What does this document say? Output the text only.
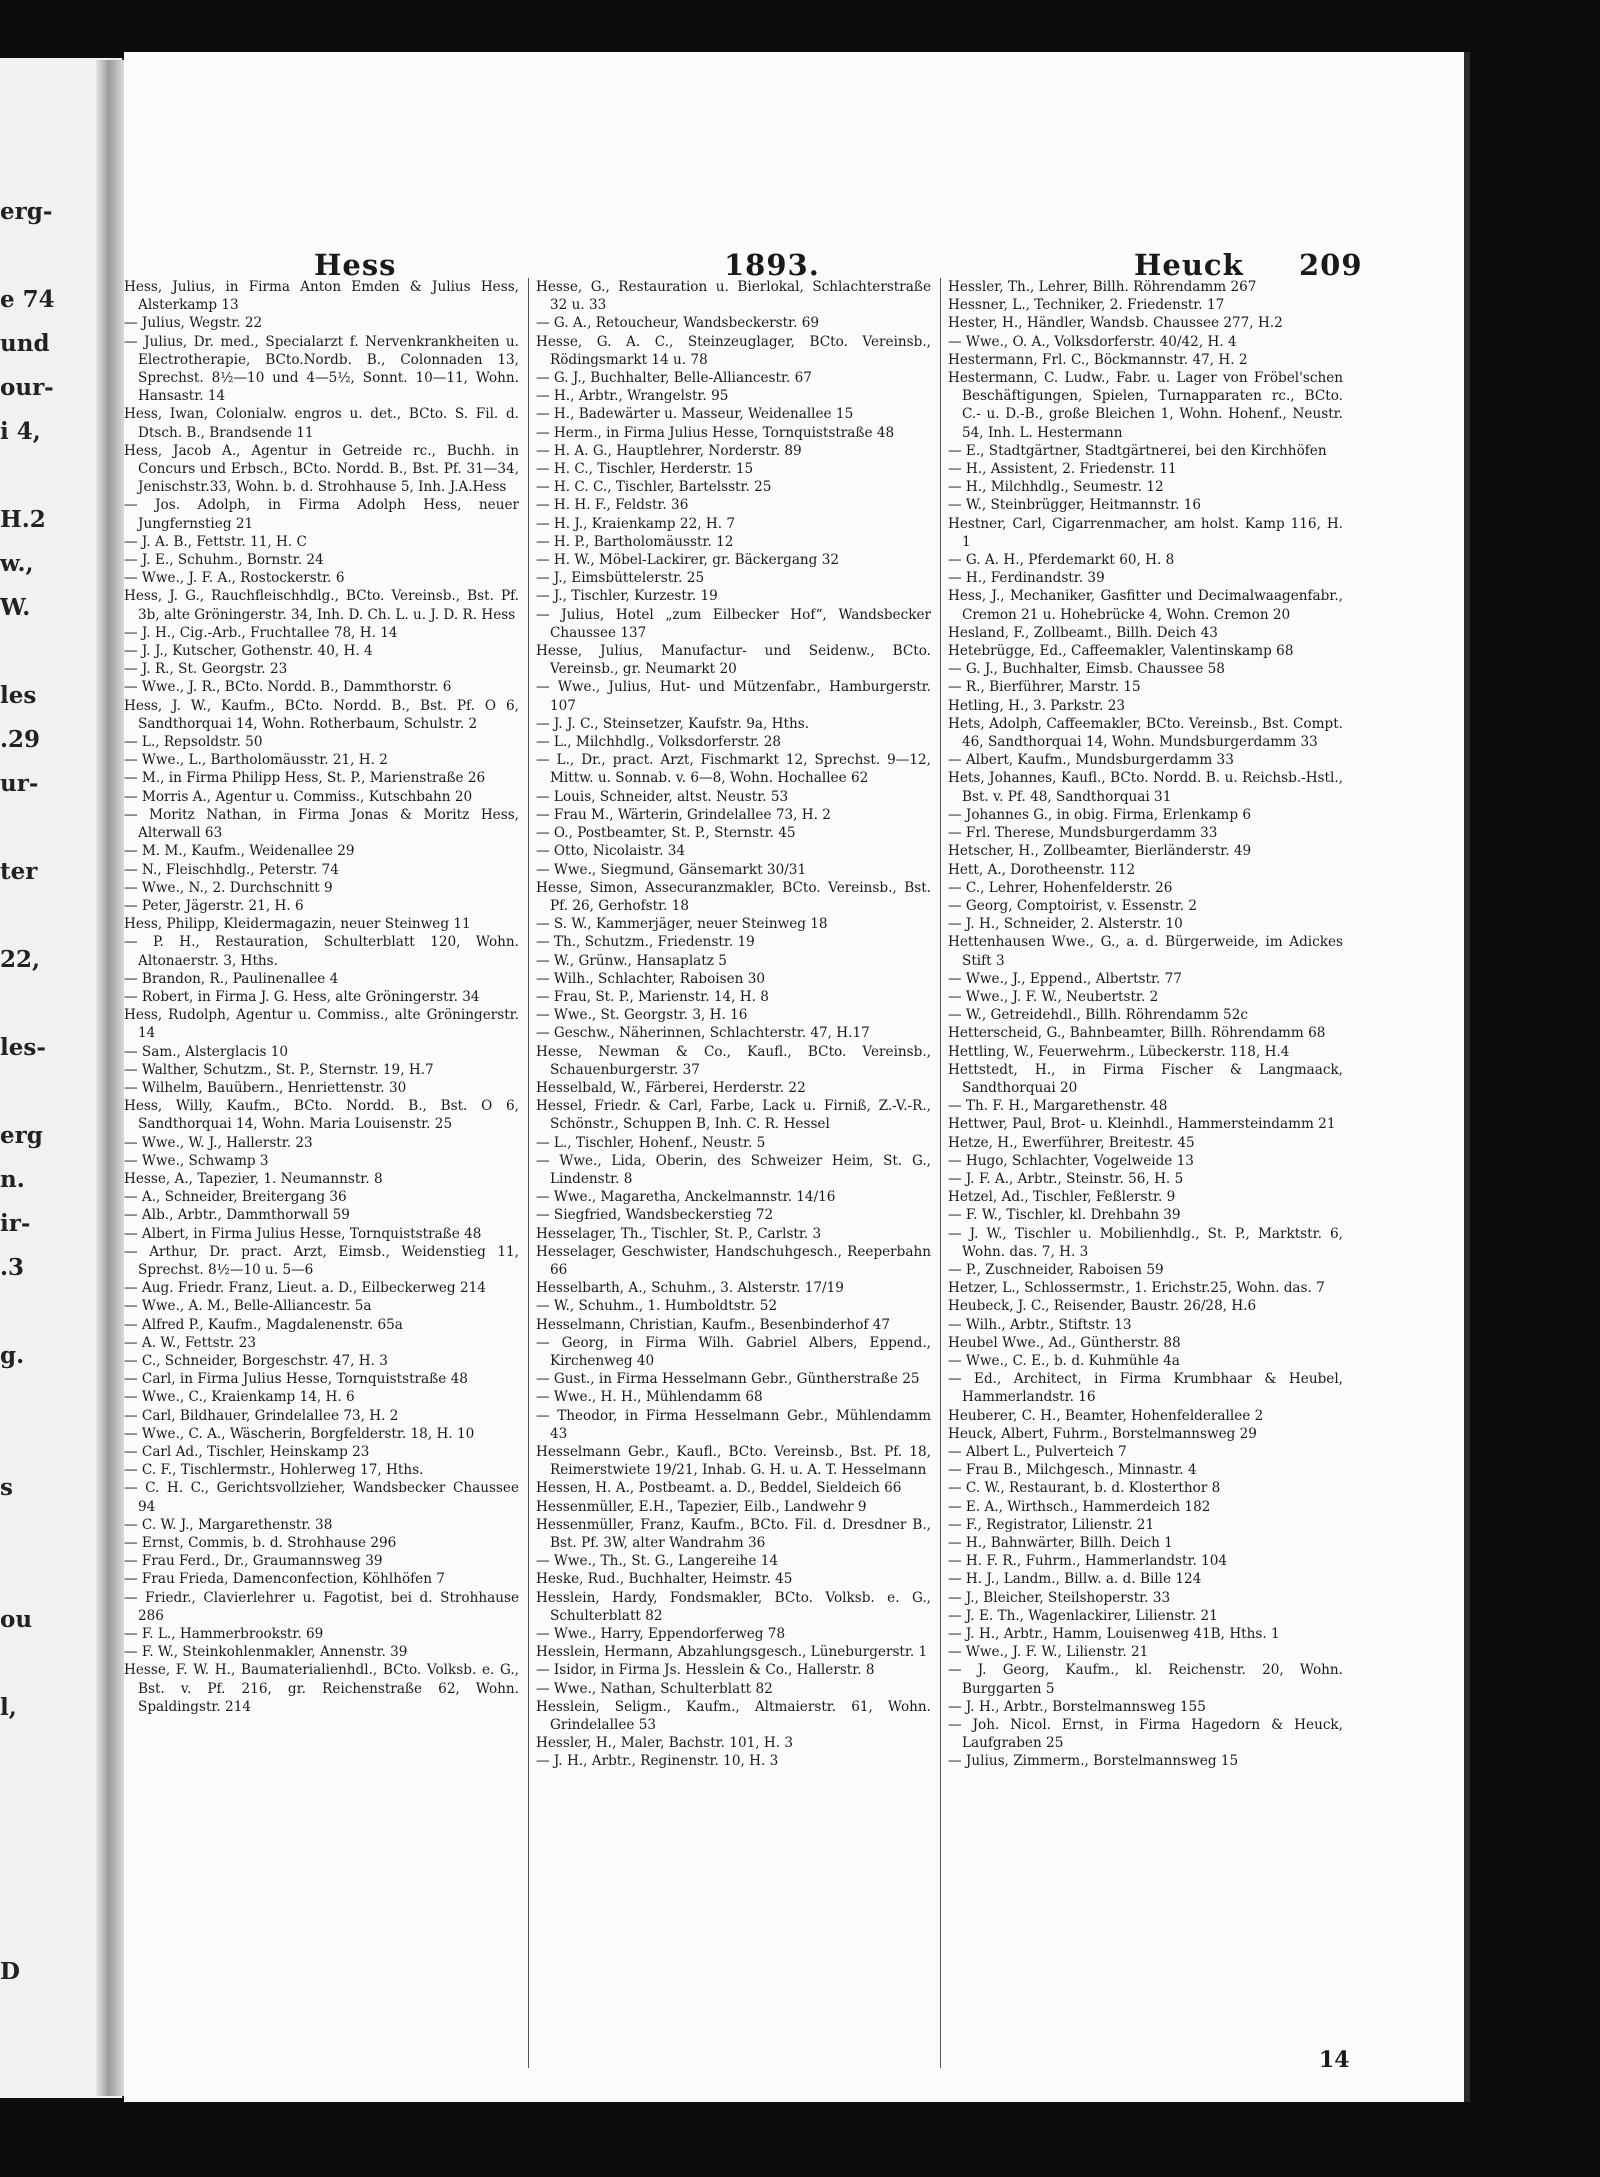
erg-
e 74
und
our-
i 4,
H.2
w.,
W.
les
.29
ur-
ter
22,
les-
erg
n.
ir-
.3
g.
s
ou
l,
D
Hess	1893.	Heuck 209

Hess, Julius, in Firma Anton Emden & Julius Hess, Alsterkamp 13

— Julius, Wegstr. 22

— Julius, Dr. med., Specialarzt f. Nervenkrankheiten u. Electrotherapie, BCto.Nordb. B., Colonnaden 13, Sprechst. 8½—10 und 4—5½, Sonnt. 10—11, Wohn. Hansastr. 14

Hess, Iwan, Colonialw. engros u. det., BCto. S. Fil. d. Dtsch. B., Brandsende 11

Hess, Jacob A., Agentur in Getreide rc., Buchh. in Concurs und Erbsch., BCto. Nordd. B., Bst. Pf. 31—34, Jenischstr.33, Wohn. b. d. Strohhause 5, Inh. J.A.Hess

— Jos. Adolph, in Firma Adolph Hess, neuer Jungfernstieg 21

— J. A. B., Fettstr. 11, H. C

— J. E., Schuhm., Bornstr. 24

— Wwe., J. F. A., Rostockerstr. 6

Hess, J. G., Rauchfleischhdlg., BCto. Vereinsb., Bst. Pf. 3b, alte Gröningerstr. 34, Inh. D. Ch. L. u. J. D. R. Hess

— J. H., Cig.-Arb., Fruchtallee 78, H. 14

— J. J., Kutscher, Gothenstr. 40, H. 4

— J. R., St. Georgstr. 23

— Wwe., J. R., BCto. Nordd. B., Dammthorstr. 6

Hess, J. W., Kaufm., BCto. Nordd. B., Bst. Pf. O 6, Sandthorquai 14, Wohn. Rotherbaum, Schulstr. 2

— L., Repsoldstr. 50

— Wwe., L., Bartholomäusstr. 21, H. 2

— M., in Firma Philipp Hess, St. P., Marienstraße 26

— Morris A., Agentur u. Commiss., Kutschbahn 20

— Moritz Nathan, in Firma Jonas & Moritz Hess, Alterwall 63

— M. M., Kaufm., Weidenallee 29

— N., Fleischhdlg., Peterstr. 74

— Wwe., N., 2. Durchschnitt 9

— Peter, Jägerstr. 21, H. 6

Hess, Philipp, Kleidermagazin, neuer Steinweg 11

— P. H., Restauration, Schulterblatt 120, Wohn. Altonaerstr. 3, Hths.

— Brandon, R., Paulinenallee 4

— Robert, in Firma J. G. Hess, alte Gröningerstr. 34

Hess, Rudolph, Agentur u. Commiss., alte Gröningerstr. 14

— Sam., Alsterglacis 10

— Walther, Schutzm., St. P., Sternstr. 19, H.7

— Wilhelm, Bauübern., Henriettenstr. 30

Hess, Willy, Kaufm., BCto. Nordd. B., Bst. O 6, Sandthorquai 14, Wohn. Maria Louisenstr. 25

— Wwe., W. J., Hallerstr. 23

— Wwe., Schwamp 3

Hesse, A., Tapezier, 1. Neumannstr. 8

— A., Schneider, Breitergang 36

— Alb., Arbtr., Dammthorwall 59

— Albert, in Firma Julius Hesse, Tornquiststraße 48

— Arthur, Dr. pract. Arzt, Eimsb., Weidenstieg 11, Sprechst. 8½—10 u. 5—6

— Aug. Friedr. Franz, Lieut. a. D., Eilbeckerweg 214

— Wwe., A. M., Belle-Alliancestr. 5a

— Alfred P., Kaufm., Magdalenenstr. 65a

— A. W., Fettstr. 23

— C., Schneider, Borgeschstr. 47, H. 3

— Carl, in Firma Julius Hesse, Tornquiststraße 48

— Wwe., C., Kraienkamp 14, H. 6

— Carl, Bildhauer, Grindelallee 73, H. 2

— Wwe., C. A., Wäscherin, Borgfelderstr. 18, H. 10

— Carl Ad., Tischler, Heinskamp 23

— C. F., Tischlermstr., Hohlerweg 17, Hths.

— C. H. C., Gerichtsvollzieher, Wandsbecker Chaussee 94

— C. W. J., Margarethenstr. 38

— Ernst, Commis, b. d. Strohhause 296

— Frau Ferd., Dr., Graumannsweg 39

— Frau Frieda, Damenconfection, Köhlhöfen 7

— Friedr., Clavierlehrer u. Fagotist, bei d. Strohhause 286

— F. L., Hammerbrookstr. 69

— F. W., Steinkohlenmakler, Annenstr. 39

Hesse, F. W. H., Baumaterialienhdl., BCto. Volksb. e. G., Bst. v. Pf. 216, gr. Reichenstraße 62, Wohn. Spaldingstr. 214

Hesse, G., Restauration u. Bierlokal, Schlachterstraße 32 u. 33

— G. A., Retoucheur, Wandsbeckerstr. 69

Hesse, G. A. C., Steinzeuglager, BCto. Vereinsb., Rödingsmarkt 14 u. 78

— G. J., Buchhalter, Belle-Alliancestr. 67

— H., Arbtr., Wrangelstr. 95

— H., Badewärter u. Masseur, Weidenallee 15

— Herm., in Firma Julius Hesse, Tornquiststraße 48

— H. A. G., Hauptlehrer, Norderstr. 89

— H. C., Tischler, Herderstr. 15

— H. C. C., Tischler, Bartelsstr. 25

— H. H. F., Feldstr. 36

— H. J., Kraienkamp 22, H. 7

— H. P., Bartholomäusstr. 12

— H. W., Möbel-Lackirer, gr. Bäckergang 32

— J., Eimsbüttelerstr. 25

— J., Tischler, Kurzestr. 19

— Julius, Hotel „zum Eilbecker Hof“, Wandsbecker Chaussee 137

Hesse, Julius, Manufactur- und Seidenw., BCto. Vereinsb., gr. Neumarkt 20

— Wwe., Julius, Hut- und Mützenfabr., Hamburgerstr. 107

— J. J. C., Steinsetzer, Kaufstr. 9a, Hths.

— L., Milchhdlg., Volksdorferstr. 28

— L., Dr., pract. Arzt, Fischmarkt 12, Sprechst. 9—12, Mittw. u. Sonnab. v. 6—8, Wohn. Hochallee 62

— Louis, Schneider, altst. Neustr. 53

— Frau M., Wärterin, Grindelallee 73, H. 2

— O., Postbeamter, St. P., Sternstr. 45

— Otto, Nicolaistr. 34

— Wwe., Siegmund, Gänsemarkt 30/31

Hesse, Simon, Assecuranzmakler, BCto. Vereinsb., Bst. Pf. 26, Gerhofstr. 18

— S. W., Kammerjäger, neuer Steinweg 18

— Th., Schutzm., Friedenstr. 19

— W., Grünw., Hansaplatz 5

— Wilh., Schlachter, Raboisen 30

— Frau, St. P., Marienstr. 14, H. 8

— Wwe., St. Georgstr. 3, H. 16

— Geschw., Näherinnen, Schlachterstr. 47, H.17

Hesse, Newman & Co., Kaufl., BCto. Vereinsb., Schauenburgerstr. 37

Hesselbald, W., Färberei, Herderstr. 22

Hessel, Friedr. & Carl, Farbe, Lack u. Firniß, Z.-V.-R., Schönstr., Schuppen B, Inh. C. R. Hessel

— L., Tischler, Hohenf., Neustr. 5

— Wwe., Lida, Oberin, des Schweizer Heim, St. G., Lindenstr. 8

— Wwe., Magaretha, Anckelmannstr. 14/16

— Siegfried, Wandsbeckerstieg 72

Hesselager, Th., Tischler, St. P., Carlstr. 3

Hesselager, Geschwister, Handschuhgesch., Reeperbahn 66

Hesselbarth, A., Schuhm., 3. Alsterstr. 17/19

— W., Schuhm., 1. Humboldtstr. 52

Hesselmann, Christian, Kaufm., Besenbinderhof 47

— Georg, in Firma Wilh. Gabriel Albers, Eppend., Kirchenweg 40

— Gust., in Firma Hesselmann Gebr., Güntherstraße 25

— Wwe., H. H., Mühlendamm 68

— Theodor, in Firma Hesselmann Gebr., Mühlendamm 43

Hesselmann Gebr., Kaufl., BCto. Vereinsb., Bst. Pf. 18, Reimerstwiete 19/21, Inhab. G. H. u. A. T. Hesselmann

Hessen, H. A., Postbeamt. a. D., Beddel, Sieldeich 66

Hessenmüller, E.H., Tapezier, Eilb., Landwehr 9

Hessenmüller, Franz, Kaufm., BCto. Fil. d. Dresdner B., Bst. Pf. 3W, alter Wandrahm 36

— Wwe., Th., St. G., Langereihe 14

Heske, Rud., Buchhalter, Heimstr. 45

Hesslein, Hardy, Fondsmakler, BCto. Volksb. e. G., Schulterblatt 82

— Wwe., Harry, Eppendorferweg 78

Hesslein, Hermann, Abzahlungsgesch., Lüneburgerstr. 1

— Isidor, in Firma Js. Hesslein & Co., Hallerstr. 8

— Wwe., Nathan, Schulterblatt 82

Hesslein, Seligm., Kaufm., Altmaierstr. 61, Wohn. Grindelallee 53

Hessler, H., Maler, Bachstr. 101, H. 3

— J. H., Arbtr., Reginenstr. 10, H. 3

Hessler, Th., Lehrer, Billh. Röhrendamm 267

Hessner, L., Techniker, 2. Friedenstr. 17

Hester, H., Händler, Wandsb. Chaussee 277, H.2

— Wwe., O. A., Volksdorferstr. 40/42, H. 4

Hestermann, Frl. C., Böckmannstr. 47, H. 2

Hestermann, C. Ludw., Fabr. u. Lager von Fröbel'schen Beschäftigungen, Spielen, Turnapparaten rc., BCto. C.- u. D.-B., große Bleichen 1, Wohn. Hohenf., Neustr. 54, Inh. L. Hestermann

— E., Stadtgärtner, Stadtgärtnerei, bei den Kirchhöfen

— H., Assistent, 2. Friedenstr. 11

— H., Milchhdlg., Seumestr. 12

— W., Steinbrügger, Heitmannstr. 16

Hestner, Carl, Cigarrenmacher, am holst. Kamp 116, H. 1

— G. A. H., Pferdemarkt 60, H. 8

— H., Ferdinandstr. 39

Hess, J., Mechaniker, Gasfitter und Decimalwaagenfabr., Cremon 21 u. Hohebrücke 4, Wohn. Cremon 20

Hesland, F., Zollbeamt., Billh. Deich 43

Hetebrügge, Ed., Caffeemakler, Valentinskamp 68

— G. J., Buchhalter, Eimsb. Chaussee 58

— R., Bierführer, Marstr. 15

Hetling, H., 3. Parkstr. 23

Hets, Adolph, Caffeemakler, BCto. Vereinsb., Bst. Compt. 46, Sandthorquai 14, Wohn. Mundsburgerdamm 33

— Albert, Kaufm., Mundsburgerdamm 33

Hets, Johannes, Kaufl., BCto. Nordd. B. u. Reichsb.-Hstl., Bst. v. Pf. 48, Sandthorquai 31

— Johannes G., in obig. Firma, Erlenkamp 6

— Frl. Therese, Mundsburgerdamm 33

Hetscher, H., Zollbeamter, Bierländerstr. 49

Hett, A., Dorotheenstr. 112

— C., Lehrer, Hohenfelderstr. 26

— Georg, Comptoirist, v. Essenstr. 2

— J. H., Schneider, 2. Alsterstr. 10

Hettenhausen Wwe., G., a. d. Bürgerweide, im Adickes Stift 3

— Wwe., J., Eppend., Albertstr. 77

— Wwe., J. F. W., Neubertstr. 2

— W., Getreidehdl., Billh. Röhrendamm 52c

Hetterscheid, G., Bahnbeamter, Billh. Röhrendamm 68

Hettling, W., Feuerwehrm., Lübeckerstr. 118, H.4

Hettstedt, H., in Firma Fischer & Langmaack, Sandthorquai 20

— Th. F. H., Margarethenstr. 48

Hettwer, Paul, Brot- u. Kleinhdl., Hammersteindamm 21

Hetze, H., Ewerführer, Breitestr. 45

— Hugo, Schlachter, Vogelweide 13

— J. F. A., Arbtr., Steinstr. 56, H. 5

Hetzel, Ad., Tischler, Feßlerstr. 9

— F. W., Tischler, kl. Drehbahn 39

— J. W., Tischler u. Mobilienhdlg., St. P., Marktstr. 6, Wohn. das. 7, H. 3

— P., Zuschneider, Raboisen 59

Hetzer, L., Schlossermstr., 1. Erichstr.25, Wohn. das. 7

Heubeck, J. C., Reisender, Baustr. 26/28, H.6

— Wilh., Arbtr., Stiftstr. 13

Heubel Wwe., Ad., Güntherstr. 88

— Wwe., C. E., b. d. Kuhmühle 4a

— Ed., Architect, in Firma Krumbhaar & Heubel, Hammerlandstr. 16

Heuberer, C. H., Beamter, Hohenfelderallee 2

Heuck, Albert, Fuhrm., Borstelmannsweg 29

— Albert L., Pulverteich 7

— Frau B., Milchgesch., Minnastr. 4

— C. W., Restaurant, b. d. Klosterthor 8

— E. A., Wirthsch., Hammerdeich 182

— F., Registrator, Lilienstr. 21

— H., Bahnwärter, Billh. Deich 1

— H. F. R., Fuhrm., Hammerlandstr. 104

— H. J., Landm., Billw. a. d. Bille 124

— J., Bleicher, Steilshoperstr. 33

— J. E. Th., Wagenlackirer, Lilienstr. 21

— J. H., Arbtr., Hamm, Louisenweg 41B, Hths. 1

— Wwe., J. F. W., Lilienstr. 21

— J. Georg, Kaufm., kl. Reichenstr. 20, Wohn. Burggarten 5

— J. H., Arbtr., Borstelmannsweg 155

— Joh. Nicol. Ernst, in Firma Hagedorn & Heuck, Laufgraben 25

— Julius, Zimmerm., Borstelmannsweg 15

14
